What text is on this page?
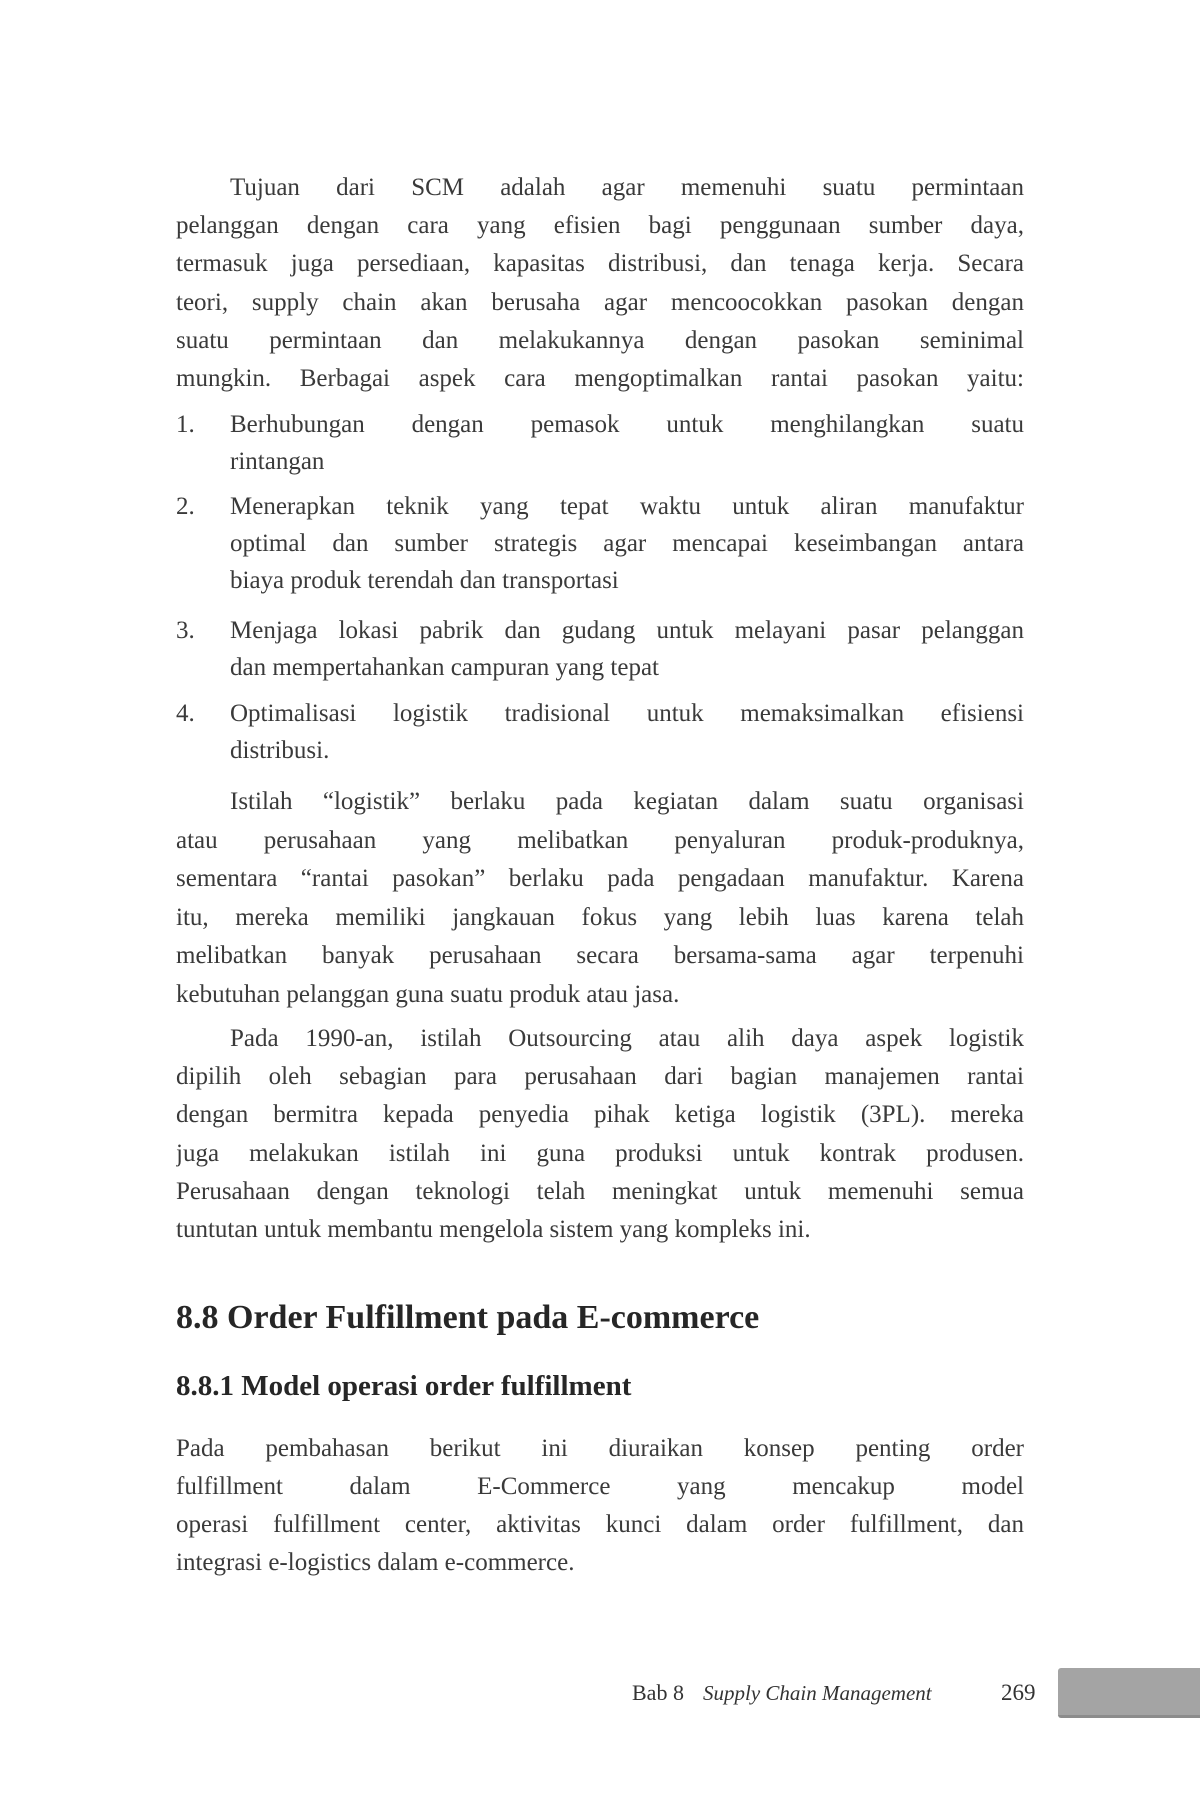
Tujuan dari SCM adalah agar memenuhi suatu permintaan
pelanggan dengan cara yang efisien bagi penggunaan sumber daya,
termasuk juga persediaan, kapasitas distribusi, dan tenaga kerja. Secara
teori, supply chain akan berusaha agar mencoocokkan pasokan dengan
suatu permintaan dan melakukannya dengan pasokan seminimal
mungkin. Berbagai aspek cara mengoptimalkan rantai pasokan yaitu:
1. Berhubungan dengan pemasok untuk menghilangkan suatu
rintangan
2. Menerapkan teknik yang tepat waktu untuk aliran manufaktur
optimal dan sumber strategis agar mencapai keseimbangan antara
biaya produk terendah dan transportasi
3. Menjaga lokasi pabrik dan gudang untuk melayani pasar pelanggan
dan mempertahankan campuran yang tepat
4. Optimalisasi logistik tradisional untuk memaksimalkan efisiensi
distribusi.
Istilah “logistik” berlaku pada kegiatan dalam suatu organisasi
atau perusahaan yang melibatkan penyaluran produk-produknya,
sementara “rantai pasokan” berlaku pada pengadaan manufaktur. Karena
itu, mereka memiliki jangkauan fokus yang lebih luas karena telah
melibatkan banyak perusahaan secara bersama-sama agar terpenuhi
kebutuhan pelanggan guna suatu produk atau jasa.
Pada 1990-an, istilah Outsourcing atau alih daya aspek logistik
dipilih oleh sebagian para perusahaan dari bagian manajemen rantai
dengan bermitra kepada penyedia pihak ketiga logistik (3PL). mereka
juga melakukan istilah ini guna produksi untuk kontrak produsen.
Perusahaan dengan teknologi telah meningkat untuk memenuhi semua
tuntutan untuk membantu mengelola sistem yang kompleks ini.
8.8 Order Fulfillment pada E-commerce
8.8.1 Model operasi order fulfillment
Pada pembahasan berikut ini diuraikan konsep penting order
fulfillment dalam E-Commerce yang mencakup model
operasi fulfillment center, aktivitas kunci dalam order fulfillment, dan
integrasi e-logistics dalam e-commerce.
Bab 8 Supply Chain Management	269
